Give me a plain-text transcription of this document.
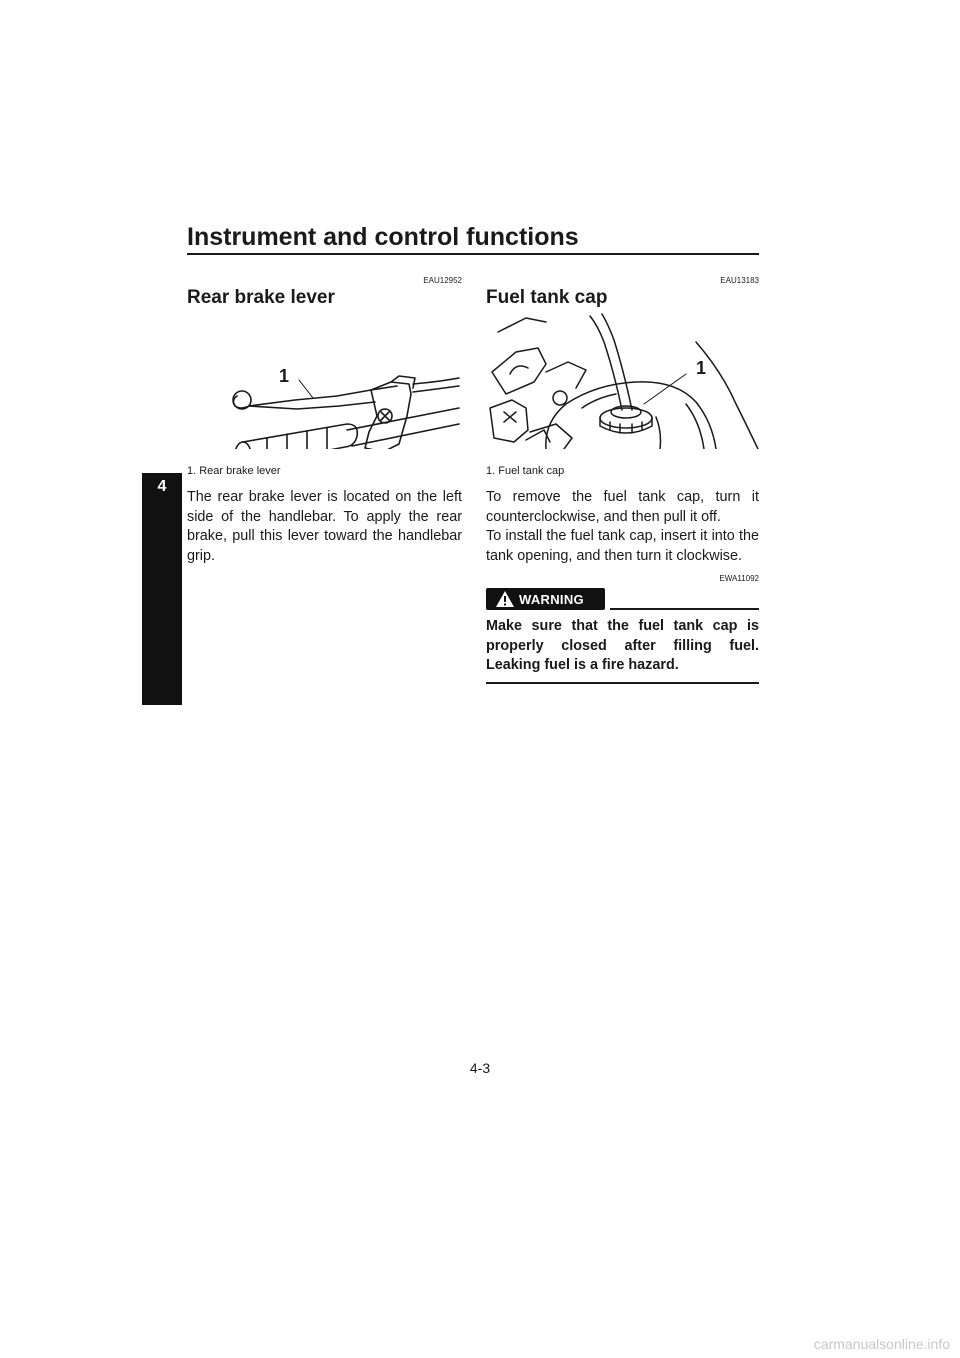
Instrument and control functions
4
EAU12952
Rear brake lever
1
1. Rear brake lever

The rear brake lever is located on the left side of the handlebar. To apply the rear brake, pull this lever toward the handlebar grip.

EAU13183
Fuel tank cap
1
1. Fuel tank cap

To remove the fuel tank cap, turn it counterclockwise, and then pull it off.

To install the fuel tank cap, insert it into the tank opening, and then turn it clockwise.

EWA11092
WARNING
Make sure that the fuel tank cap is properly closed after filling fuel. Leaking fuel is a fire hazard.
4-3
carmanualsonline.info
